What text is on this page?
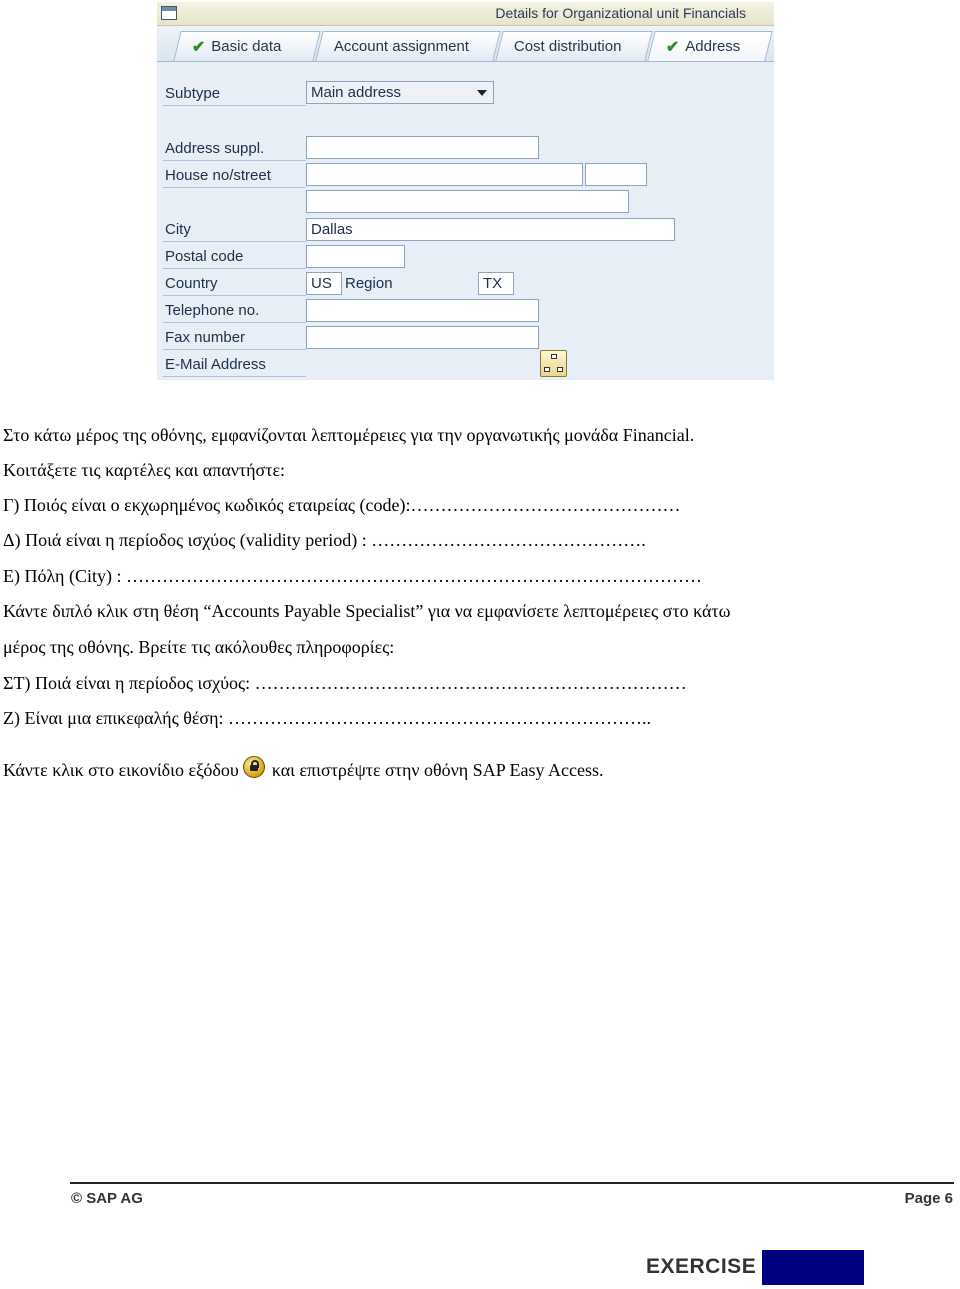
Details for Organizational unit Financials
✔ Basic data	Account assignment	Cost distribution	✔ Address
Subtype	Main address
Address suppl.
House no/street
City	Dallas
Postal code
Country	US Region	TX
Telephone no.
Fax number
E-Mail Address
Στο κάτω μέρος της οθόνης, εμφανίζονται λεπτομέρειες για την οργανωτικής μονάδα Financial.
Κοιτάξετε τις καρτέλες και απαντήστε:
Γ) Ποιός είναι ο εκχωρημένος κωδικός εταιρείας (code):………………………………………
Δ) Ποιά είναι η περίοδος ισχύος (validity period) : ……………………………………….
Ε) Πόλη (City) : ……………………………………………………………………………………
Κάντε διπλό κλικ στη θέση “Accounts Payable Specialist” για να εμφανίσετε λεπτομέρειες στο κάτω
μέρος της οθόνης. Βρείτε τις ακόλουθες πληροφορίες:
ΣΤ) Ποιά είναι η περίοδος ισχύος: ………………………………………………………………
Ζ) Είναι μια επικεφαλής θέση: ……………………………………………………………..
Κάντε κλικ στο εικονίδιο εξόδου και επιστρέψτε στην οθόνη SAP Easy Access.
© SAP AG	Page 6
EXERCISE
